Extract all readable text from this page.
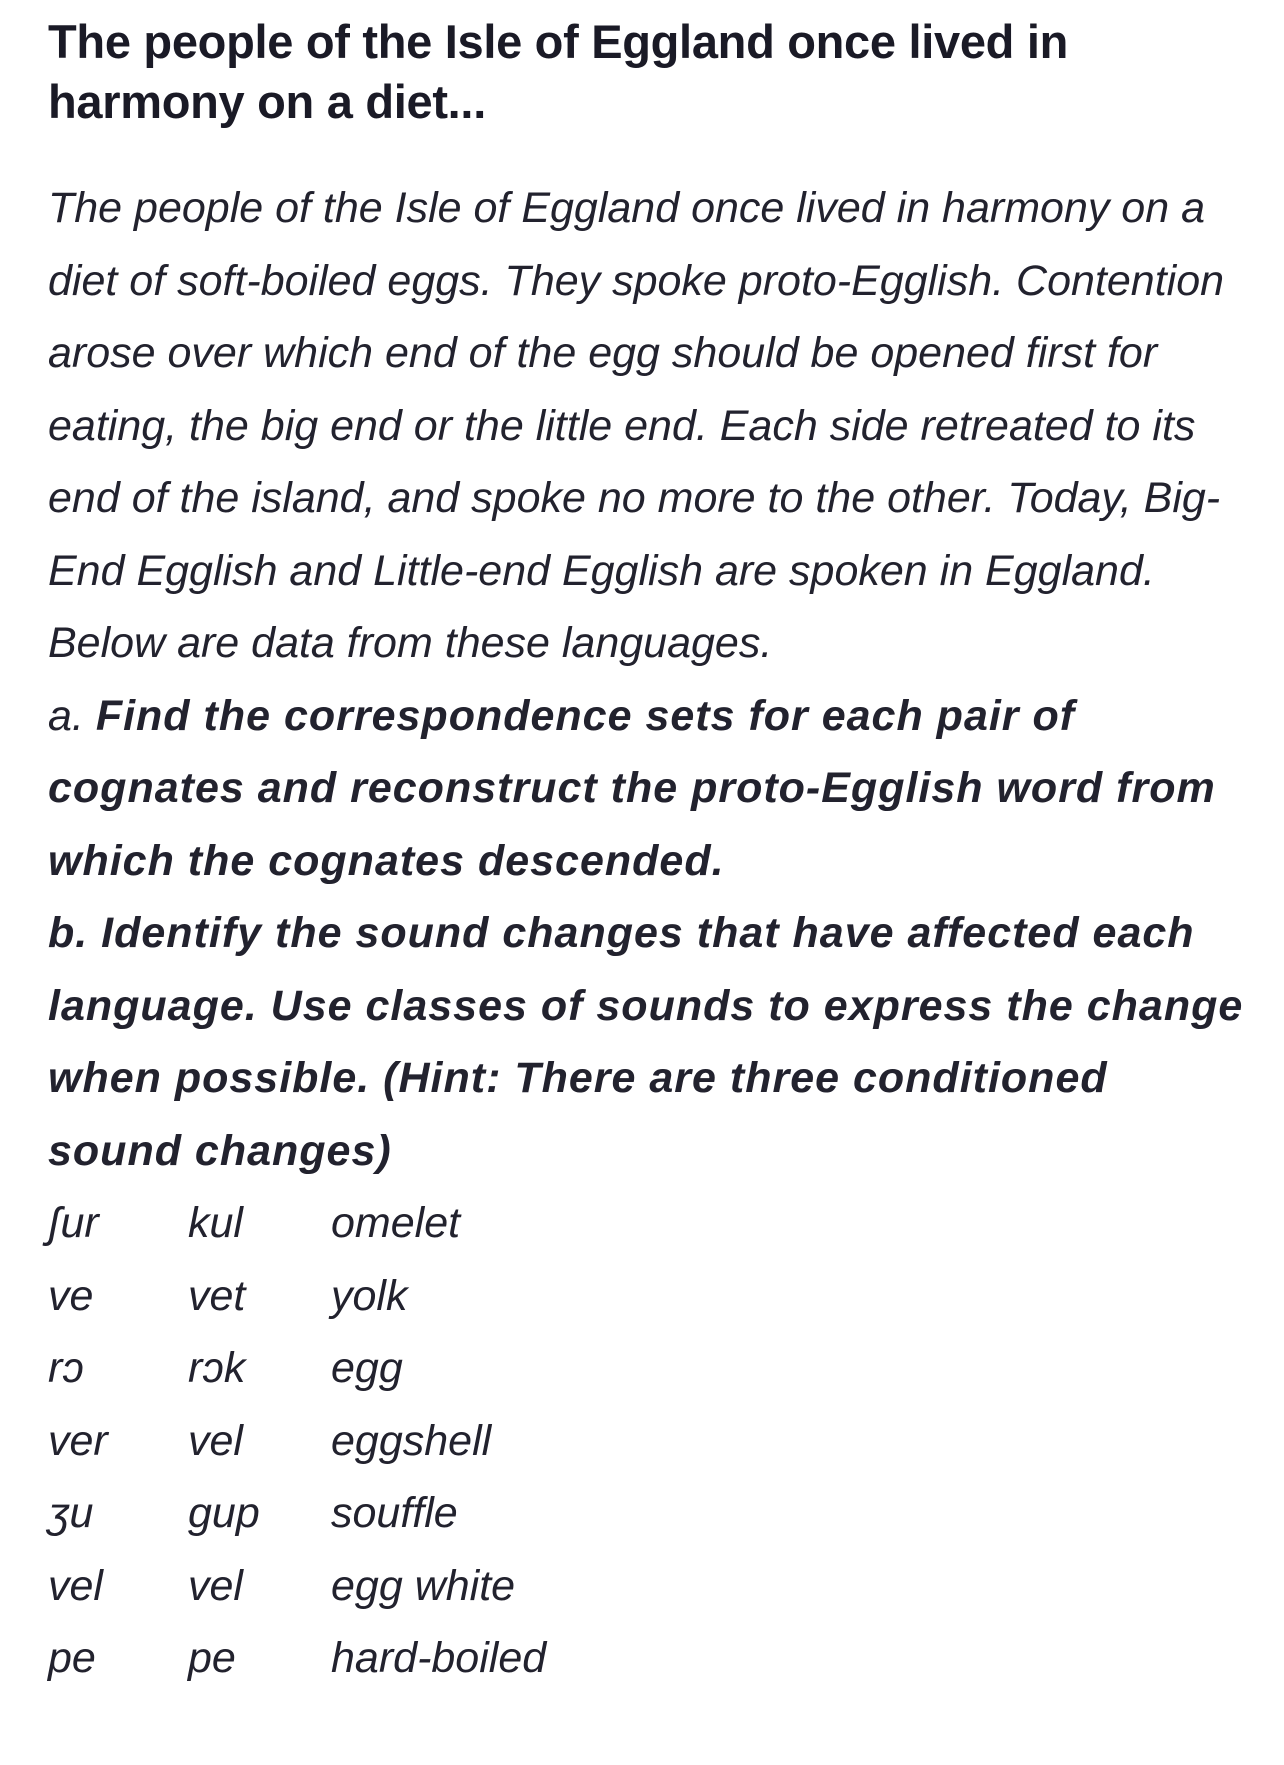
The people of the Isle of Eggland once lived in harmony on a diet...
The people of the Isle of Eggland once lived in harmony on a diet of soft-boiled eggs. They spoke proto-Egglish. Contention arose over which end of the egg should be opened first for eating, the big end or the little end. Each side retreated to its end of the island, and spoke no more to the other. Today, Big-End Egglish and Little-end Egglish are spoken in Eggland. Below are data from these languages.
a. Find the correspondence sets for each pair of cognates and reconstruct the proto-Egglish word from which the cognates descended.
b. Identify the sound changes that have affected each language. Use classes of sounds to express the change when possible. (Hint: There are three conditioned sound changes)
ʃur	kul	omelet
ve	vet	yolk
rɔ	rɔk	egg
ver	vel	eggshell
ʒu	gup	souffle
vel	vel	egg white
pe	pe	hard-boiled
